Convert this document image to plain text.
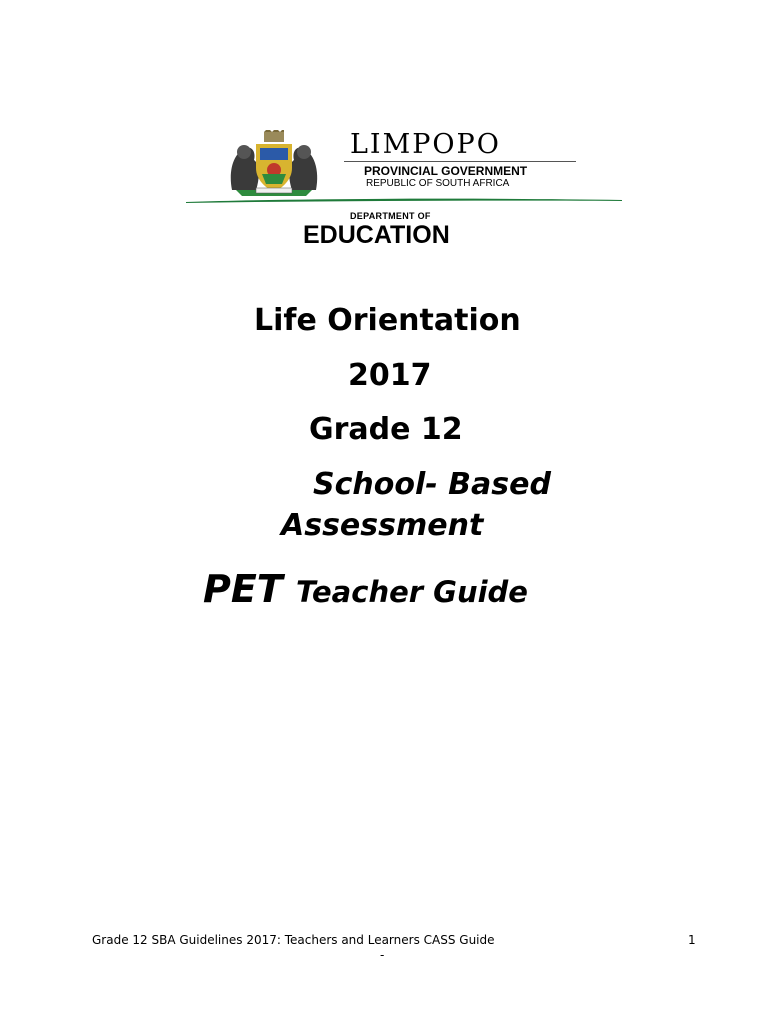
LIMPOPO
PROVINCIAL GOVERNMENT
REPUBLIC OF SOUTH AFRICA
DEPARTMENT OF
EDUCATION
Life Orientation
2017
Grade 12
School- Based
Assessment
PET Teacher Guide
Grade 12 SBA Guidelines 2017: Teachers and Learners CASS Guide	1
-
